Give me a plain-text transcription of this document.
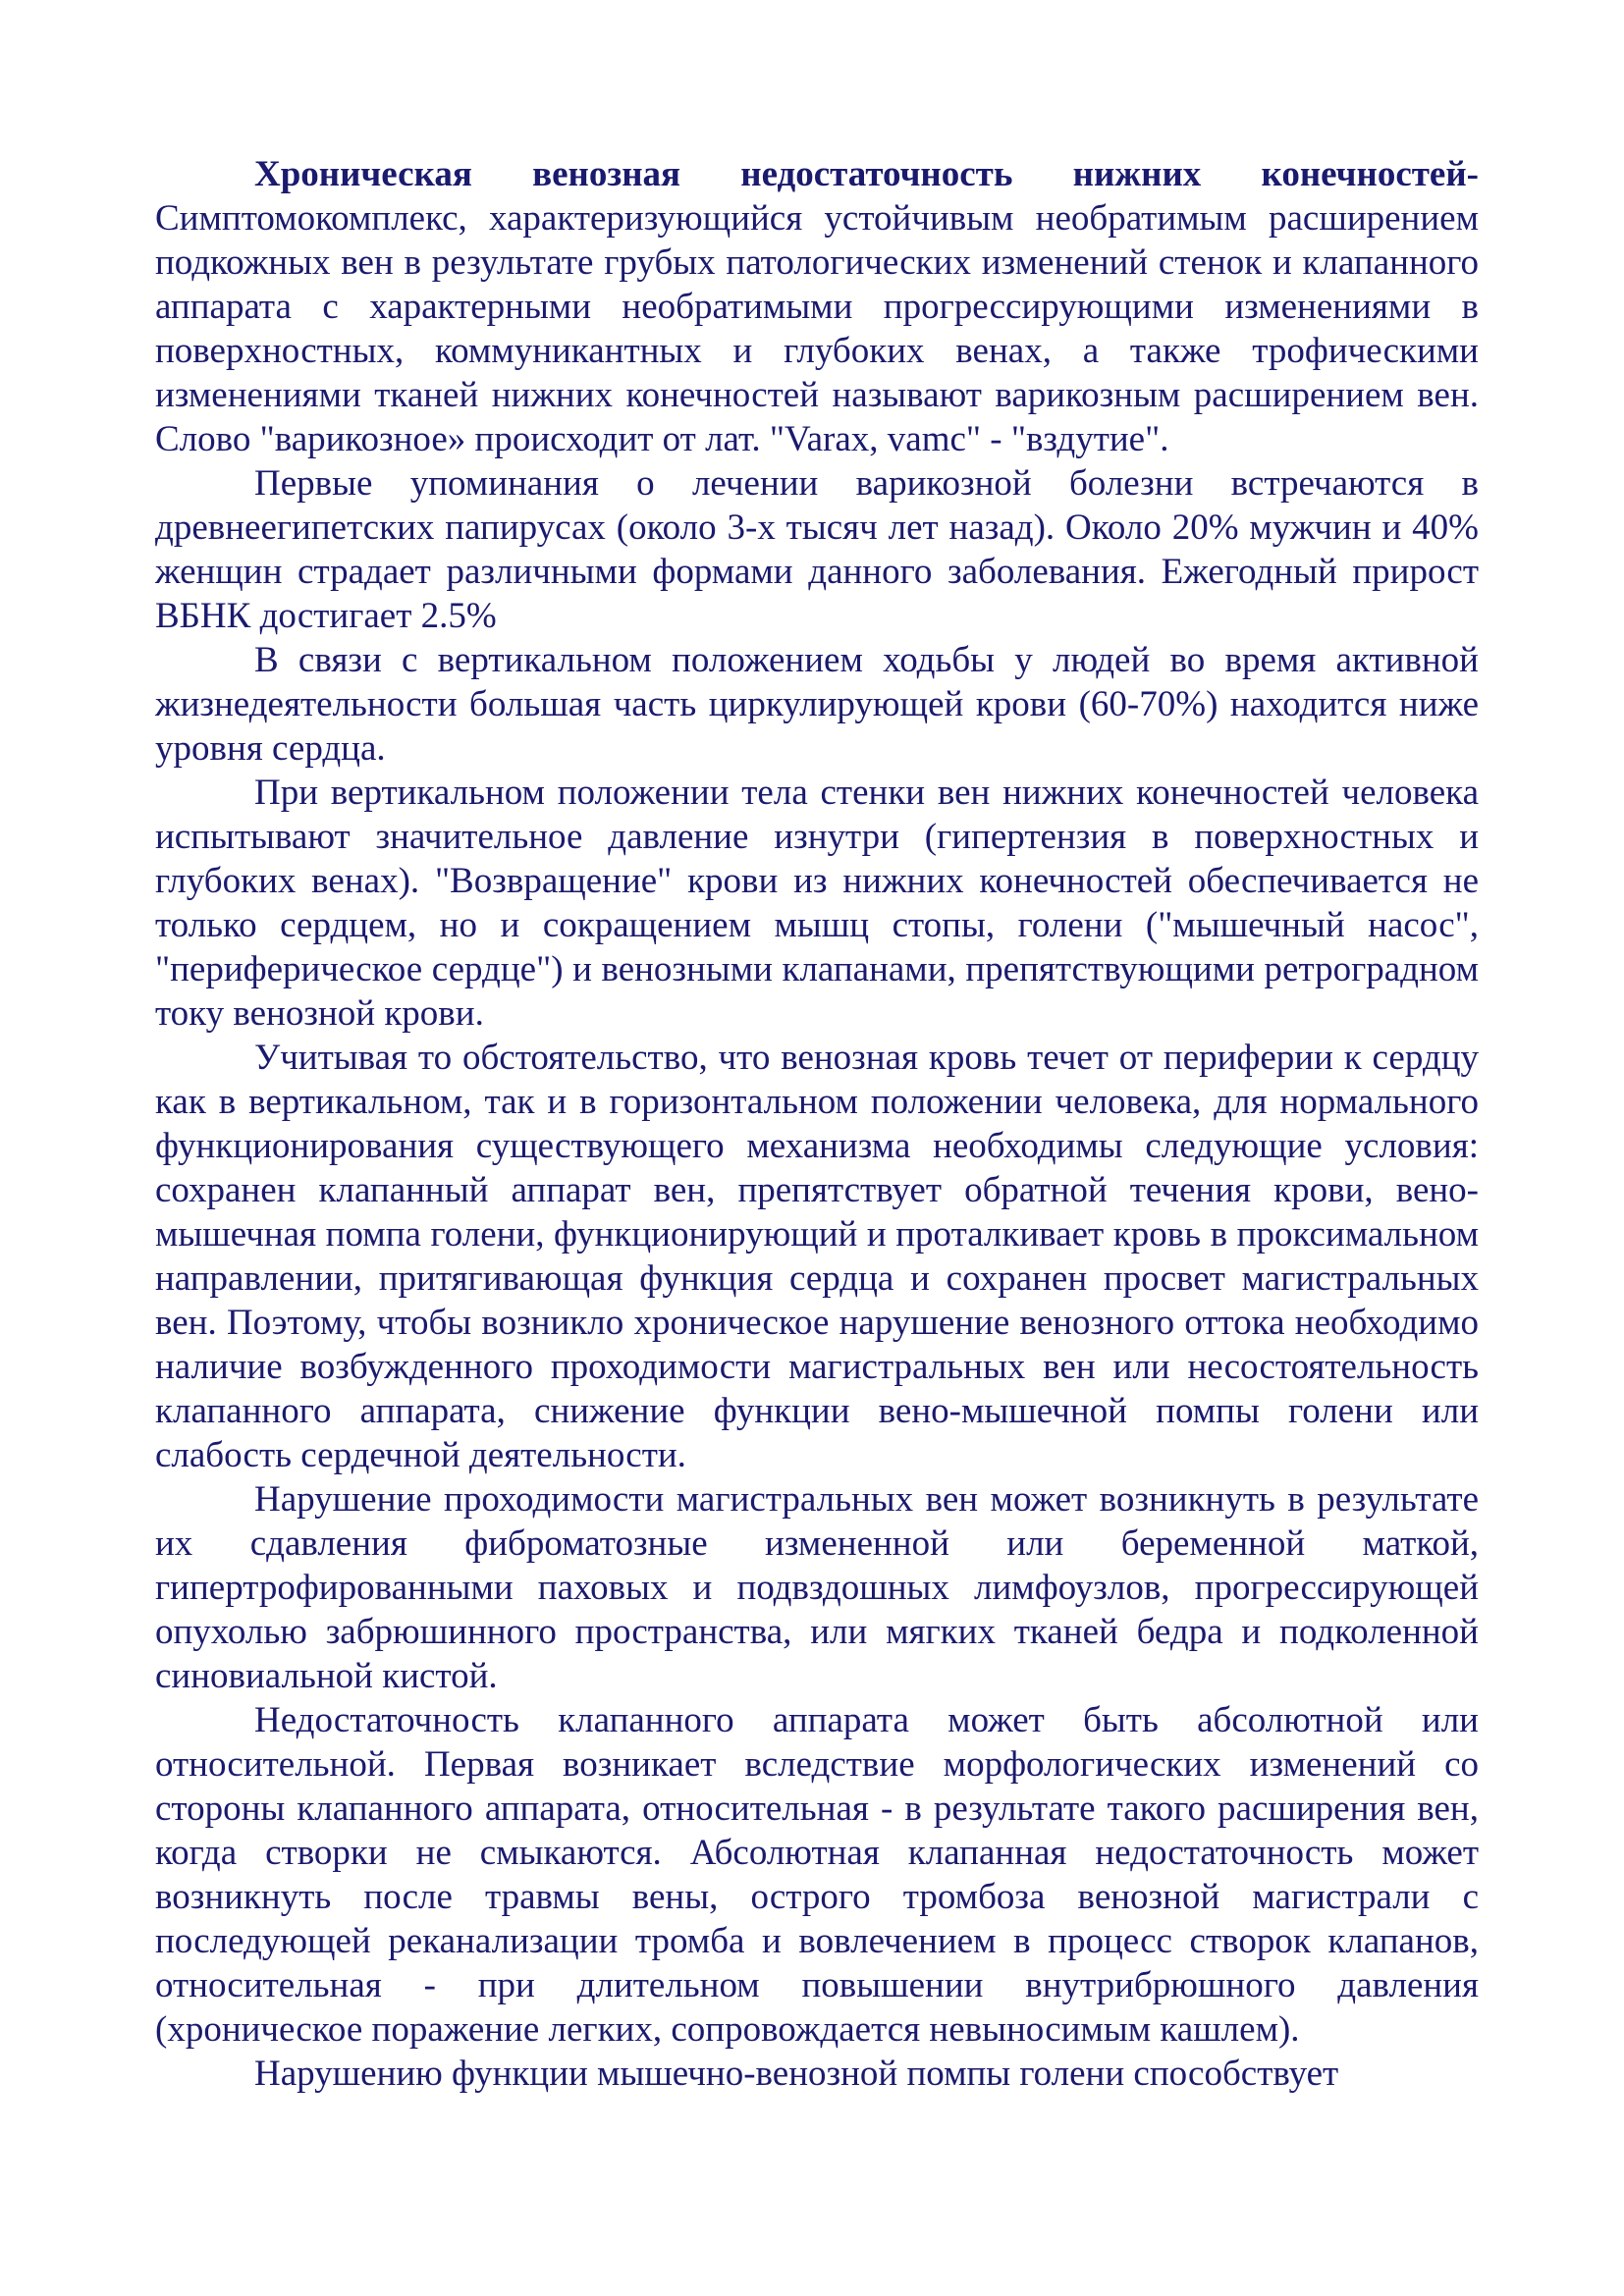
Хроническая венозная недостаточность нижних конечностей- Симптомокомплекс, характеризующийся устойчивым необратимым расширением подкожных вен в результате грубых патологических изменений стенок и клапанного аппарата с характерными необратимыми прогрессирующими изменениями в поверхностных, коммуникантных и глубоких венах, а также трофическими изменениями тканей нижних конечностей называют варикозным расширением вен. Слово "варикозное» происходит от лат. "Varax, vamc" - "вздутие".

Первые упоминания о лечении варикозной болезни встречаются в древнеегипетских папирусах (около 3-х тысяч лет назад). Около 20% мужчин и 40% женщин страдает различными формами данного заболевания. Ежегодный прирост ВБНК достигает 2.5%

В связи с вертикальном положением ходьбы у людей во время активной жизнедеятельности большая часть циркулирующей крови (60-70%) находится ниже уровня сердца.

При вертикальном положении тела стенки вен нижних конечностей человека испытывают значительное давление изнутри (гипертензия в поверхностных и глубоких венах). "Возвращение" крови из нижних конечностей обеспечивается не только сердцем, но и сокращением мышц стопы, голени ("мышечный насос", "периферическое сердце") и венозными клапанами, препятствующими ретроградном току венозной крови.

Учитывая то обстоятельство, что венозная кровь течет от периферии к сердцу как в вертикальном, так и в горизонтальном положении человека, для нормального функционирования существующего механизма необходимы следующие условия: сохранен клапанный аппарат вен, препятствует обратной течения крови, вено- мышечная помпа голени, функционирующий и проталкивает кровь в проксимальном направлении, притягивающая функция сердца и сохранен просвет магистральных вен. Поэтому, чтобы возникло хроническое нарушение венозного оттока необходимо наличие возбужденного проходимости магистральных вен или несостоятельность клапанного аппарата, снижение функции вено-мышечной помпы голени или слабость сердечной деятельности.

Нарушение проходимости магистральных вен может возникнуть в результате их сдавления фиброматозные измененной или беременной маткой, гипертрофированными паховых и подвздошных лимфоузлов, прогрессирующей опухолью забрюшинного пространства, или мягких тканей бедра и подколенной синовиальной кистой.

Недостаточность клапанного аппарата может быть абсолютной или относительной. Первая возникает вследствие морфологических изменений со стороны клапанного аппарата, относительная - в результате такого расширения вен, когда створки не смыкаются. Абсолютная клапанная недостаточность может возникнуть после травмы вены, острого тромбоза венозной магистрали с последующей реканализации тромба и вовлечением в процесс створок клапанов, относительная - при длительном повышении внутрибрюшного давления (хроническое поражение легких, сопровождается невыносимым кашлем).

Нарушению функции мышечно-венозной помпы голени способствует
